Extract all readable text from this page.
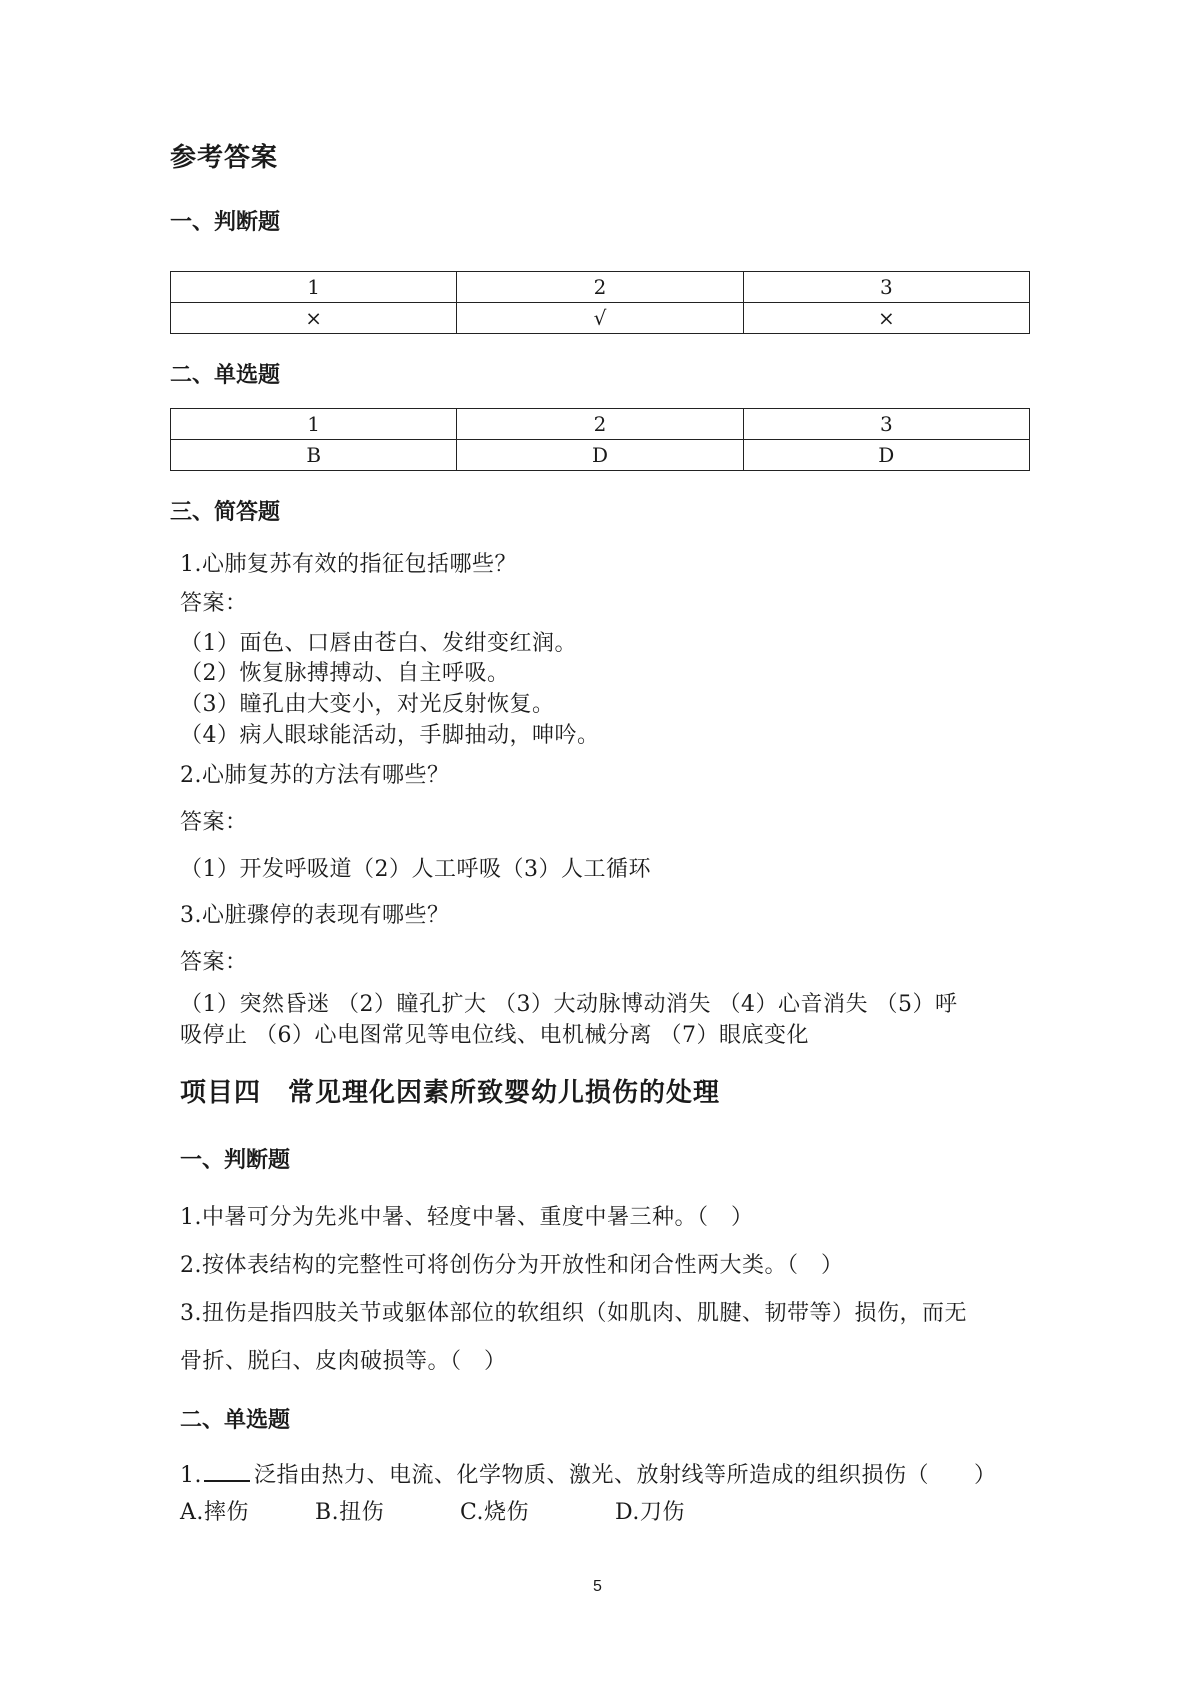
参考答案
一、判断题
1	2	3
×	√	×
二、单选题
1	2	3
B	D	D
三、简答题
1.心肺复苏有效的指征包括哪些？
答案：
（1）面色、口唇由苍白、发绀变红润。
（2）恢复脉搏搏动、自主呼吸。
（3）瞳孔由大变小，对光反射恢复。
（4）病人眼球能活动，手脚抽动，呻吟。
2.心肺复苏的方法有哪些？
答案：
（1）开发呼吸道（2）人工呼吸（3）人工循环
3.心脏骤停的表现有哪些？
答案：
（1）突然昏迷 （2）瞳孔扩大 （3）大动脉博动消失 （4）心音消失 （5）呼
吸停止 （6）心电图常见等电位线、电机械分离 （7）眼底变化
项目四　常见理化因素所致婴幼儿损伤的处理
一、判断题
1.中暑可分为先兆中暑、轻度中暑、重度中暑三种。（　）
2.按体表结构的完整性可将创伤分为开放性和闭合性两大类。（　）
3.扭伤是指四肢关节或躯体部位的软组织（如肌肉、肌腱、韧带等）损伤，而无
骨折、脱臼、皮肉破损等。（　）
二、单选题
1. 泛指由热力、电流、化学物质、激光、放射线等所造成的组织损伤（　　）
A.摔伤	B.扭伤	C.烧伤	D.刀伤
5
